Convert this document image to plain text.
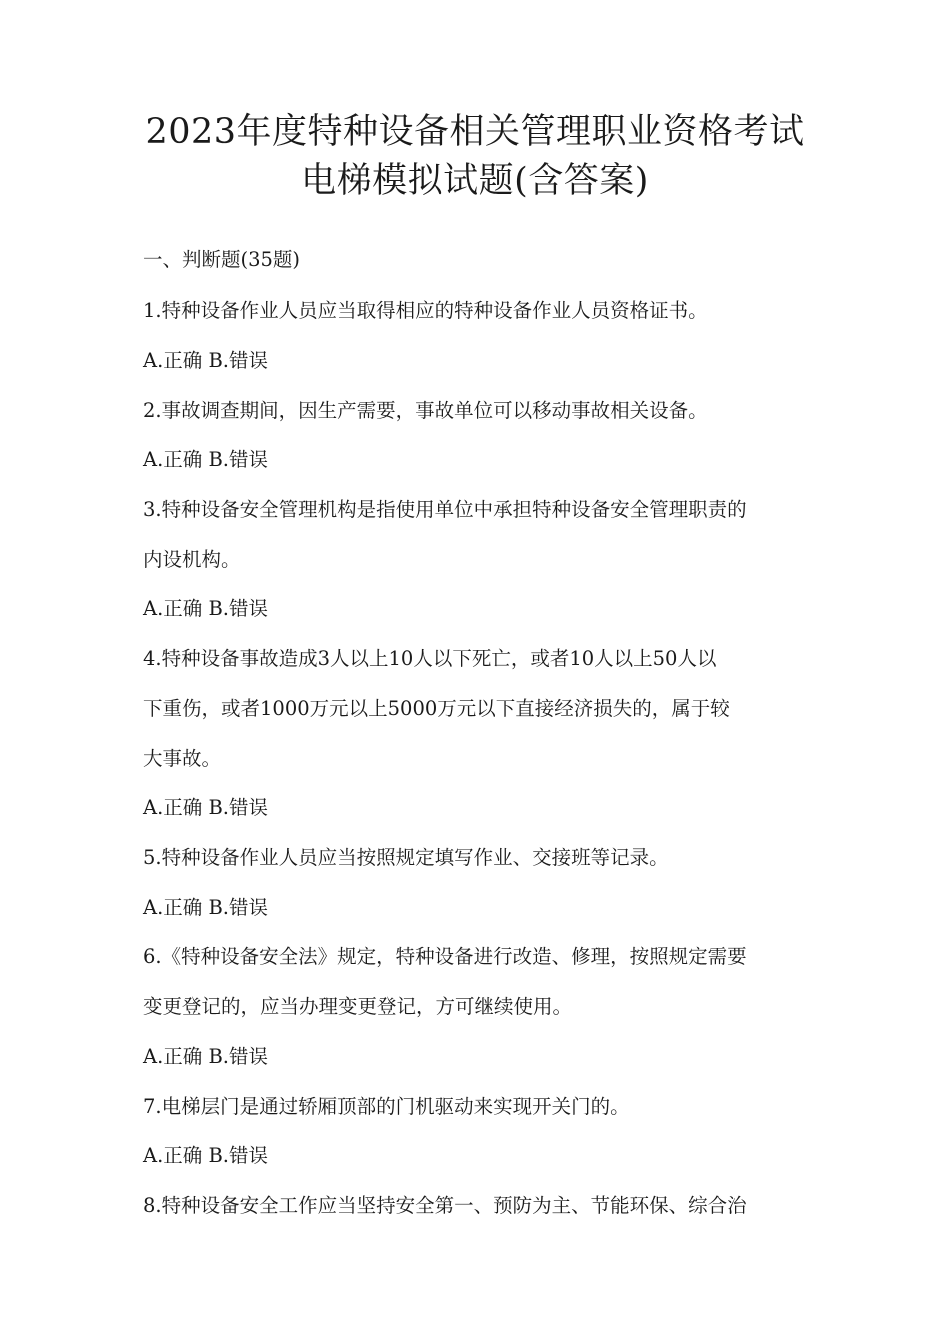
2023年度特种设备相关管理职业资格考试
电梯模拟试题(含答案)
一、判断题(35题)
1.特种设备作业人员应当取得相应的特种设备作业人员资格证书。
A.正确 B.错误
2.事故调查期间，因生产需要，事故单位可以移动事故相关设备。
A.正确 B.错误
3.特种设备安全管理机构是指使用单位中承担特种设备安全管理职责的
内设机构。
A.正确 B.错误
4.特种设备事故造成3人以上10人以下死亡，或者10人以上50人以
下重伤，或者1000万元以上5000万元以下直接经济损失的，属于较
大事故。
A.正确 B.错误
5.特种设备作业人员应当按照规定填写作业、交接班等记录。
A.正确 B.错误
6.《特种设备安全法》规定，特种设备进行改造、修理，按照规定需要
变更登记的，应当办理变更登记，方可继续使用。
A.正确 B.错误
7.电梯层门是通过轿厢顶部的门机驱动来实现开关门的。
A.正确 B.错误
8.特种设备安全工作应当坚持安全第一、预防为主、节能环保、综合治
